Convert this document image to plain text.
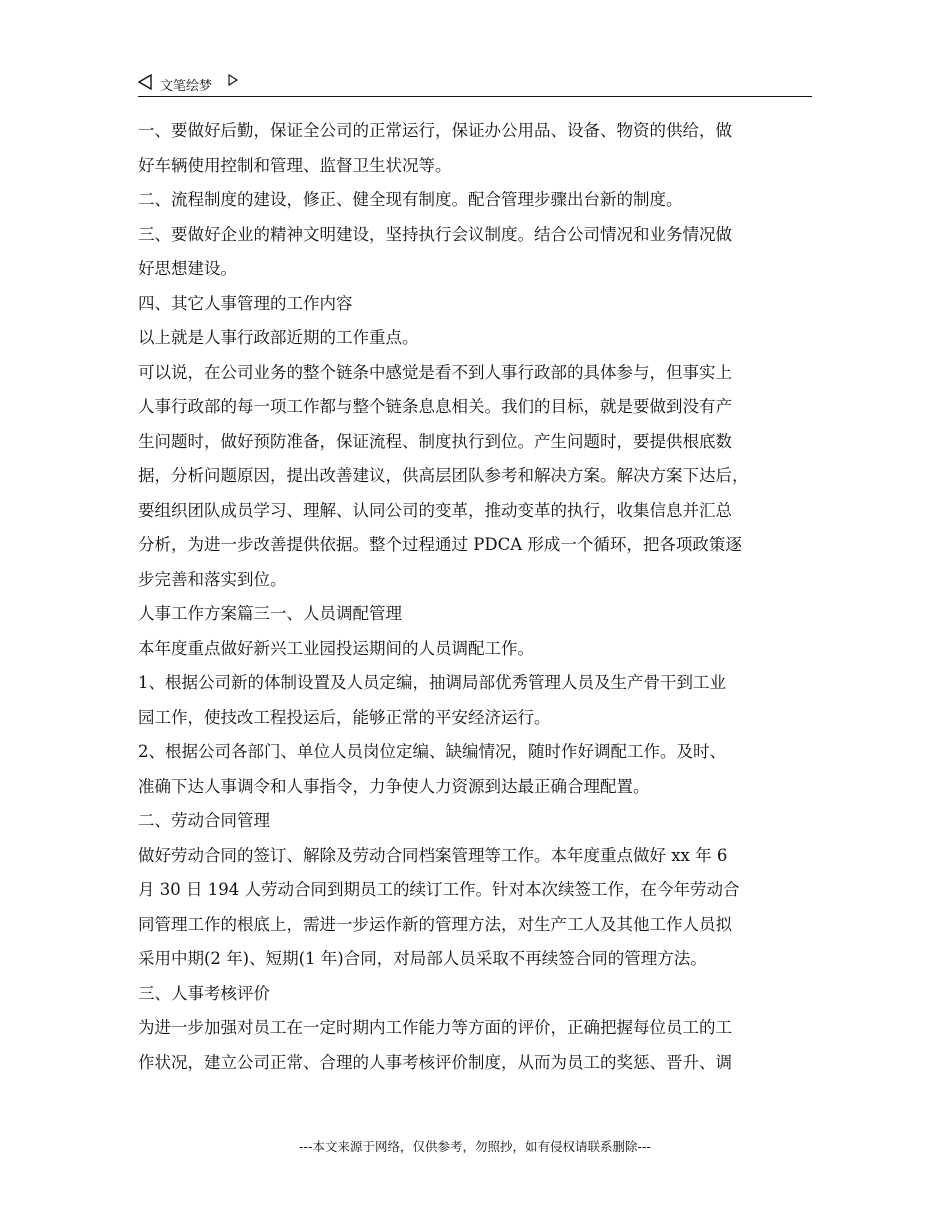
文笔绘梦

一、要做好后勤，保证全公司的正常运行，保证办公用品、设备、物资的供给，做

好车辆使用控制和管理、监督卫生状况等。

二、流程制度的建设，修正、健全现有制度。配合管理步骤出台新的制度。

三、要做好企业的精神文明建设，坚持执行会议制度。结合公司情况和业务情况做

好思想建设。

四、其它人事管理的工作内容

以上就是人事行政部近期的工作重点。

可以说，在公司业务的整个链条中感觉是看不到人事行政部的具体参与，但事实上

人事行政部的每一项工作都与整个链条息息相关。我们的目标，就是要做到没有产

生问题时，做好预防准备，保证流程、制度执行到位。产生问题时，要提供根底数

据，分析问题原因，提出改善建议，供高层团队参考和解决方案。解决方案下达后，

要组织团队成员学习、理解、认同公司的变革，推动变革的执行，收集信息并汇总

分析，为进一步改善提供依据。整个过程通过 PDCA 形成一个循环，把各项政策逐

步完善和落实到位。

人事工作方案篇三一、人员调配管理

本年度重点做好新兴工业园投运期间的人员调配工作。

1、根据公司新的体制设置及人员定编，抽调局部优秀管理人员及生产骨干到工业

园工作，使技改工程投运后，能够正常的平安经济运行。

2、根据公司各部门、单位人员岗位定编、缺编情况，随时作好调配工作。及时、

准确下达人事调令和人事指令，力争使人力资源到达最正确合理配置。

二、劳动合同管理

做好劳动合同的签订、解除及劳动合同档案管理等工作。本年度重点做好 xx 年 6

月 30 日 194 人劳动合同到期员工的续订工作。针对本次续签工作，在今年劳动合

同管理工作的根底上，需进一步运作新的管理方法，对生产工人及其他工作人员拟

采用中期(2 年)、短期(1 年)合同，对局部人员采取不再续签合同的管理方法。

三、人事考核评价

为进一步加强对员工在一定时期内工作能力等方面的评价，正确把握每位员工的工

作状况，建立公司正常、合理的人事考核评价制度，从而为员工的奖惩、晋升、调

---本文来源于网络，仅供参考，勿照抄，如有侵权请联系删除---
